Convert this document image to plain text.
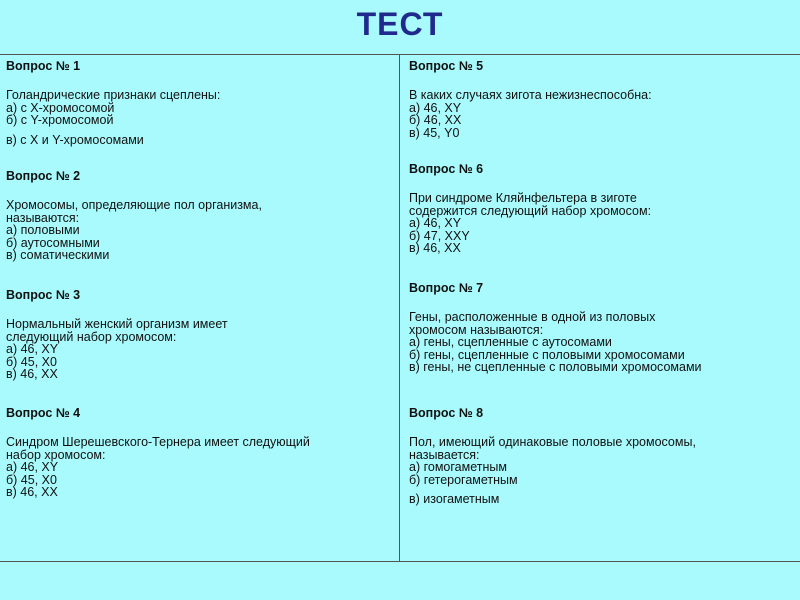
ТЕСТ
Вопрос № 1
Голандрические признаки сцеплены:
а) с Х-хромосомой
б) с Y-хромосомой
в) с Х и Y-хромосомами
Вопрос № 2
Хромосомы, определяющие пол организма,
называются:
а) половыми
б) аутосомными
в) соматическими
Вопрос № 3
Нормальный женский организм имеет
следующий набор хромосом:
а) 46, XY
б) 45, Х0
в) 46, ХХ
Вопрос № 4
Синдром Шерешевского-Тернера имеет следующий
набор хромосом:
а) 46, XY
б) 45, Х0
в) 46, ХХ
Вопрос № 5
В каких случаях зигота нежизнеспособна:
а) 46, XY
б) 46, ХХ
в) 45, Y0
Вопрос № 6
При синдроме Кляйнфельтера в зиготе
содержится следующий набор хромосом:
а) 46, XY
б) 47, ХХY
в) 46, ХХ
Вопрос № 7
Гены, расположенные в одной из половых
хромосом называются:
а) гены, сцепленные с аутосомами
б) гены, сцепленные с половыми хромосомами
в) гены, не сцепленные с половыми хромосомами
Вопрос № 8
Пол, имеющий одинаковые половые хромосомы,
называется:
а) гомогаметным
б) гетерогаметным
в) изогаметным
